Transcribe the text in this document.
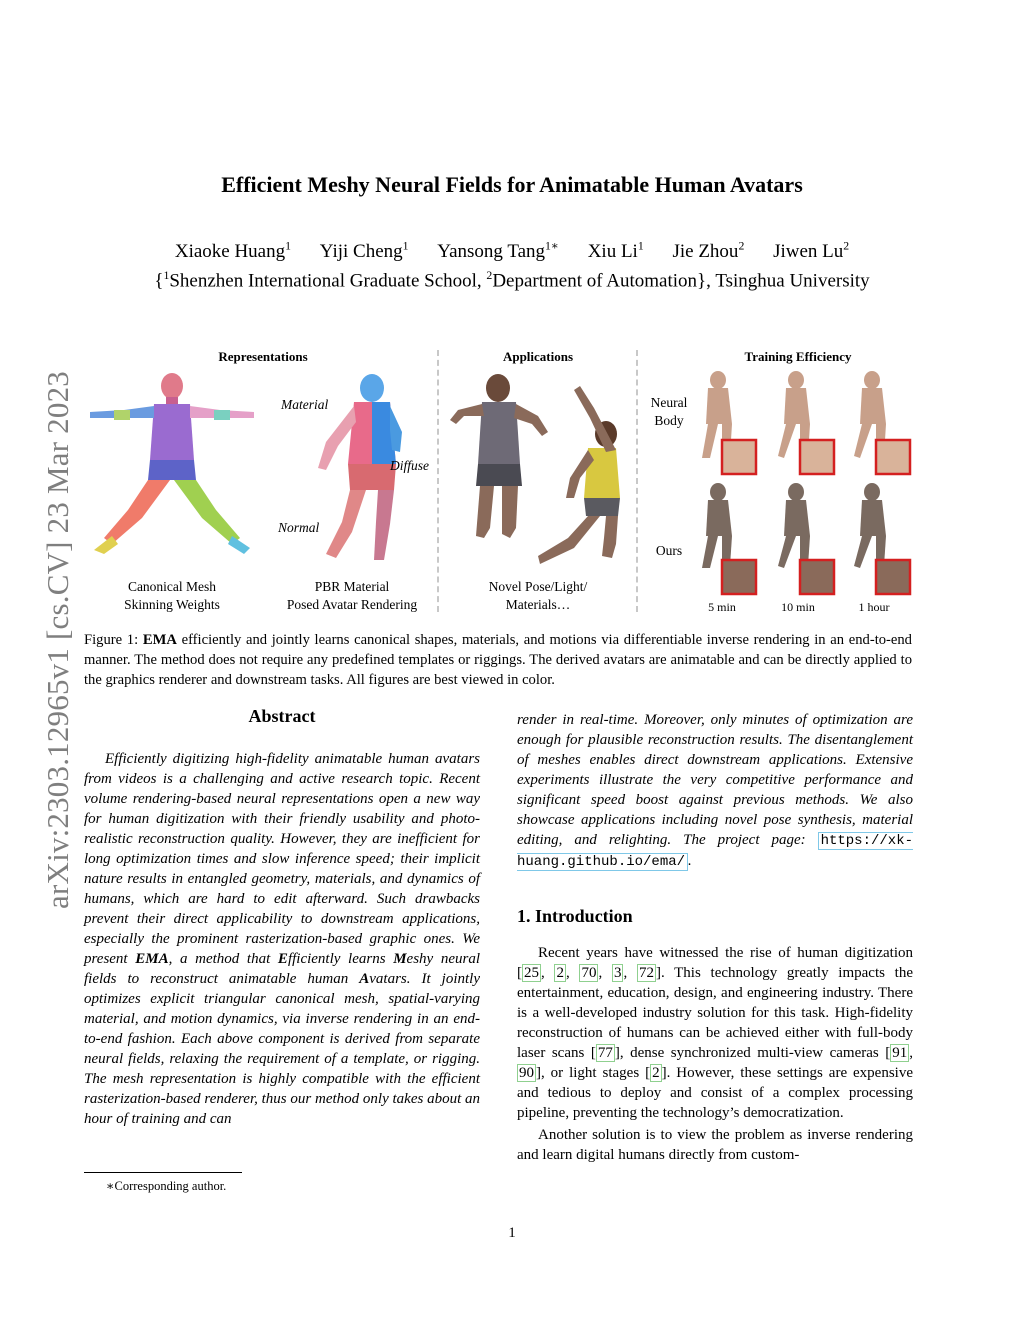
arXiv:2303.12965v1 [cs.CV] 23 Mar 2023
Efficient Meshy Neural Fields for Animatable Human Avatars
Xiaoke Huang$^1$ Yiji Cheng$^1$ Yansong Tang$^{1∗}$ Xiu Li$^1$ Jie Zhou$^2$ Jiwen Lu$^2$
{$^1$Shenzhen International Graduate School, $^2$Department of Automation}, Tsinghua University
Representations	Applications	Training Efficiency
Material
Diffuse
Normal
Neural
Body
Ours
5 min	10 min	1 hour
Canonical Mesh
Skinning Weights
PBR Material
Posed Avatar Rendering
Novel Pose/Light/
Materials…
Figure 1: EMA efficiently and jointly learns canonical shapes, materials, and motions via differentiable inverse rendering in an end-to-end manner. The method does not require any predefined templates or riggings. The derived avatars are animatable and can be directly applied to the graphics renderer and downstream tasks. All figures are best viewed in color.
Abstract

Efficiently digitizing high-fidelity animatable human avatars from videos is a challenging and active research topic. Recent volume rendering-based neural representations open a new way for human digitization with their friendly usability and photo-realistic reconstruction quality. However, they are inefficient for long optimization times and slow inference speed; their implicit nature results in entangled geometry, materials, and dynamics of humans, which are hard to edit afterward. Such drawbacks prevent their direct applicability to downstream applications, especially the prominent rasterization-based graphic ones. We present EMA, a method that Efficiently learns Meshy neural fields to reconstruct animatable human Avatars. It jointly optimizes explicit triangular canonical mesh, spatial-varying material, and motion dynamics, via inverse rendering in an end-to-end fashion. Each above component is derived from separate neural fields, relaxing the requirement of a template, or rigging. The mesh representation is highly compatible with the efficient rasterization-based renderer, thus our method only takes about an hour of training and can

render in real-time. Moreover, only minutes of optimization are enough for plausible reconstruction results. The disentanglement of meshes enables direct downstream applications. Extensive experiments illustrate the very competitive performance and significant speed boost against previous methods. We also showcase applications including novel pose synthesis, material editing, and relighting. The project page: https://xk-huang.github.io/ema/ .

1. Introduction

Recent years have witnessed the rise of human digitization [ 25 , 2 , 70 , 3 , 72 ]. This technology greatly impacts the entertainment, education, design, and engineering industry. There is a well-developed industry solution for this task. High-fidelity reconstruction of humans can be achieved either with full-body laser scans [ 77 ], dense synchronized multi-view cameras [ 91 , 90 ], or light stages [ 2 ]. However, these settings are expensive and tedious to deploy and consist of a complex processing pipeline, preventing the technology’s democratization.

Another solution is to view the problem as inverse rendering and learn digital humans directly from custom-

∗Corresponding author.
1
